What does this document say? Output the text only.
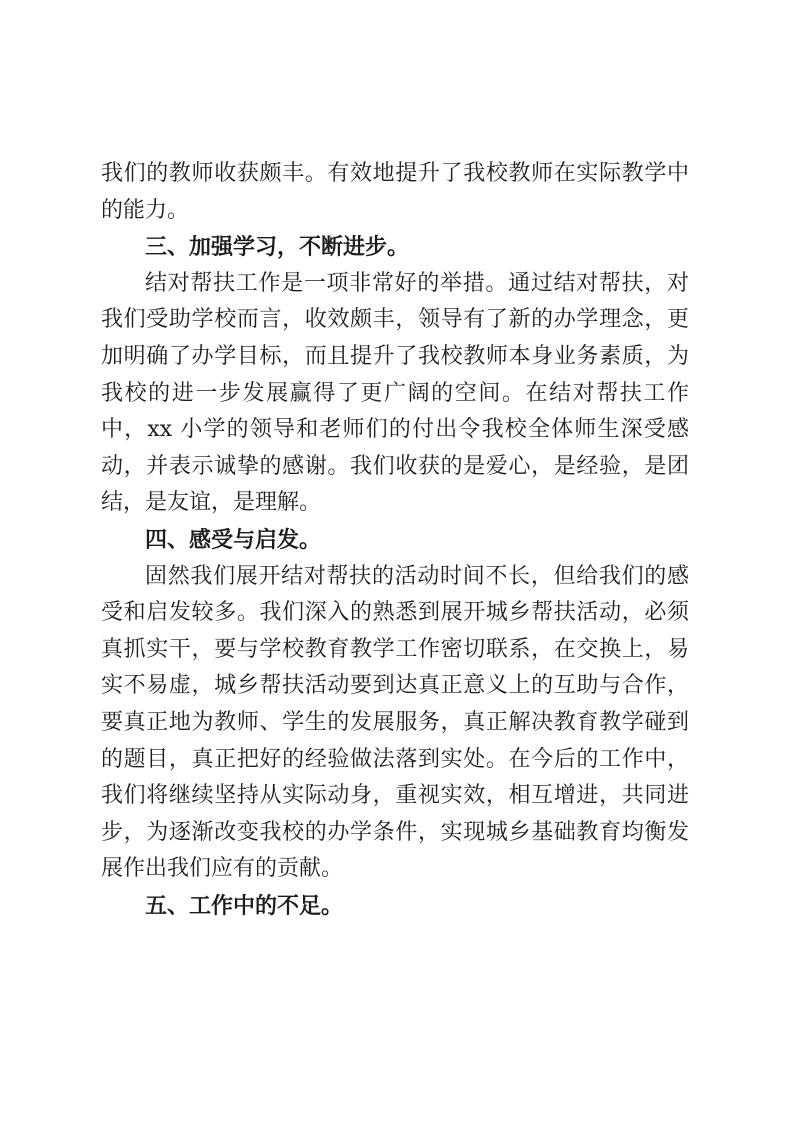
我们的教师收获颇丰。有效地提升了我校教师在实际教学中的能力。

三、加强学习，不断进步。

结对帮扶工作是一项非常好的举措。通过结对帮扶，对我们受助学校而言，收效颇丰，领导有了新的办学理念，更加明确了办学目标，而且提升了我校教师本身业务素质，为我校的进一步发展赢得了更广阔的空间。在结对帮扶工作中，xx 小学的领导和老师们的付出令我校全体师生深受感动，并表示诚挚的感谢。我们收获的是爱心，是经验，是团结，是友谊，是理解。

四、感受与启发。

固然我们展开结对帮扶的活动时间不长，但给我们的感受和启发较多。我们深入的熟悉到展开城乡帮扶活动，必须真抓实干，要与学校教育教学工作密切联系，在交换上，易实不易虚，城乡帮扶活动要到达真正意义上的互助与合作，要真正地为教师、学生的发展服务，真正解决教育教学碰到的题目，真正把好的经验做法落到实处。在今后的工作中，我们将继续坚持从实际动身，重视实效，相互增进，共同进步，为逐渐改变我校的办学条件，实现城乡基础教育均衡发展作出我们应有的贡献。

五、工作中的不足。
